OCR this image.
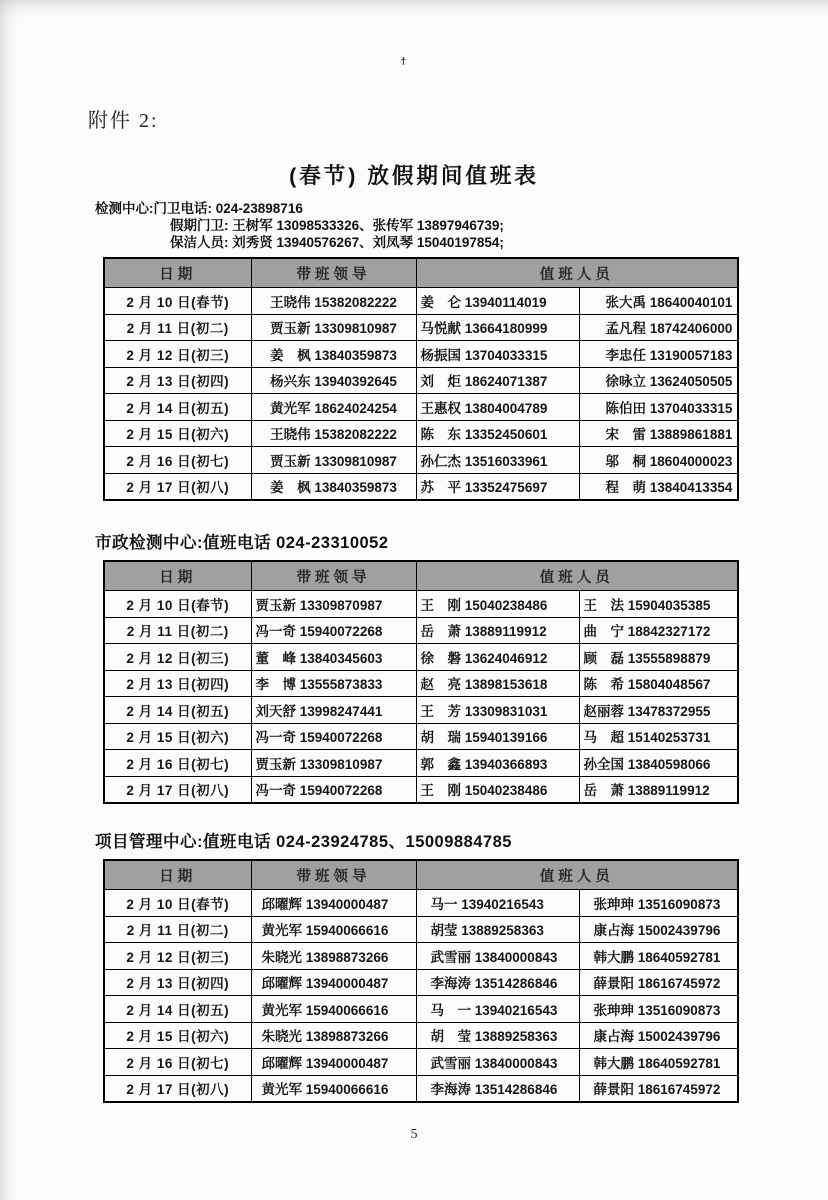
ϯ
附件 2:
(春节) 放假期间值班表
检测中心:门卫电话: 024-23898716
假期门卫: 王树军 13098533326、张传军 13897946739;
保洁人员: 刘秀贤 13940576267、刘凤琴 15040197854;
日期	带班领导	值班人员	
2 月 10 日(春节)	王晓伟 15382082222	姜　仑 13940114019	张大禹 18640040101
2 月 11 日(初二)	贾玉新 13309810987	马悦献 13664180999	孟凡程 18742406000
2 月 12 日(初三)	姜　枫 13840359873	杨振国 13704033315	李忠任 13190057183
2 月 13 日(初四)	杨兴东 13940392645	刘　炬 18624071387	徐咏立 13624050505
2 月 14 日(初五)	黄光军 18624024254	王惠权 13804004789	陈伯田 13704033315
2 月 15 日(初六)	王晓伟 15382082222	陈　东 13352450601	宋　雷 13889861881
2 月 16 日(初七)	贾玉新 13309810987	孙仁杰 13516033961	邬　桐 18604000023
2 月 17 日(初八)	姜　枫 13840359873	苏　平 13352475697	程　萌 13840413354
市政检测中心:值班电话 024-23310052
日期	带班领导	值班人员	
2 月 10 日(春节)	贾玉新 13309870987	王　刚 15040238486	王　法 15904035385
2 月 11 日(初二)	冯一奇 15940072268	岳　萧 13889119912	曲　宁 18842327172
2 月 12 日(初三)	董　峰 13840345603	徐　磐 13624046912	顾　磊 13555898879
2 月 13 日(初四)	李　博 13555873833	赵　亮 13898153618	陈　希 15804048567
2 月 14 日(初五)	刘天舒 13998247441	王　芳 13309831031	赵丽蓉 13478372955
2 月 15 日(初六)	冯一奇 15940072268	胡　瑞 15940139166	马　超 15140253731
2 月 16 日(初七)	贾玉新 13309810987	郭　鑫 13940366893	孙全国 13840598066
2 月 17 日(初八)	冯一奇 15940072268	王　刚 15040238486	岳　萧 13889119912
项目管理中心:值班电话 024-23924785、15009884785
日期	带班领导	值班人员	
2 月 10 日(春节)	邱曜辉 13940000487	马一 13940216543	张珅珅 13516090873
2 月 11 日(初二)	黄光军 15940066616	胡莹 13889258363	康占海 15002439796
2 月 12 日(初三)	朱晓光 13898873266	武雪丽 13840000843	韩大鹏 18640592781
2 月 13 日(初四)	邱曜辉 13940000487	李海涛 13514286846	薛景阳 18616745972
2 月 14 日(初五)	黄光军 15940066616	马　一 13940216543	张珅珅 13516090873
2 月 15 日(初六)	朱晓光 13898873266	胡　莹 13889258363	康占海 15002439796
2 月 16 日(初七)	邱曜辉 13940000487	武雪丽 13840000843	韩大鹏 18640592781
2 月 17 日(初八)	黄光军 15940066616	李海涛 13514286846	薛景阳 18616745972
5
